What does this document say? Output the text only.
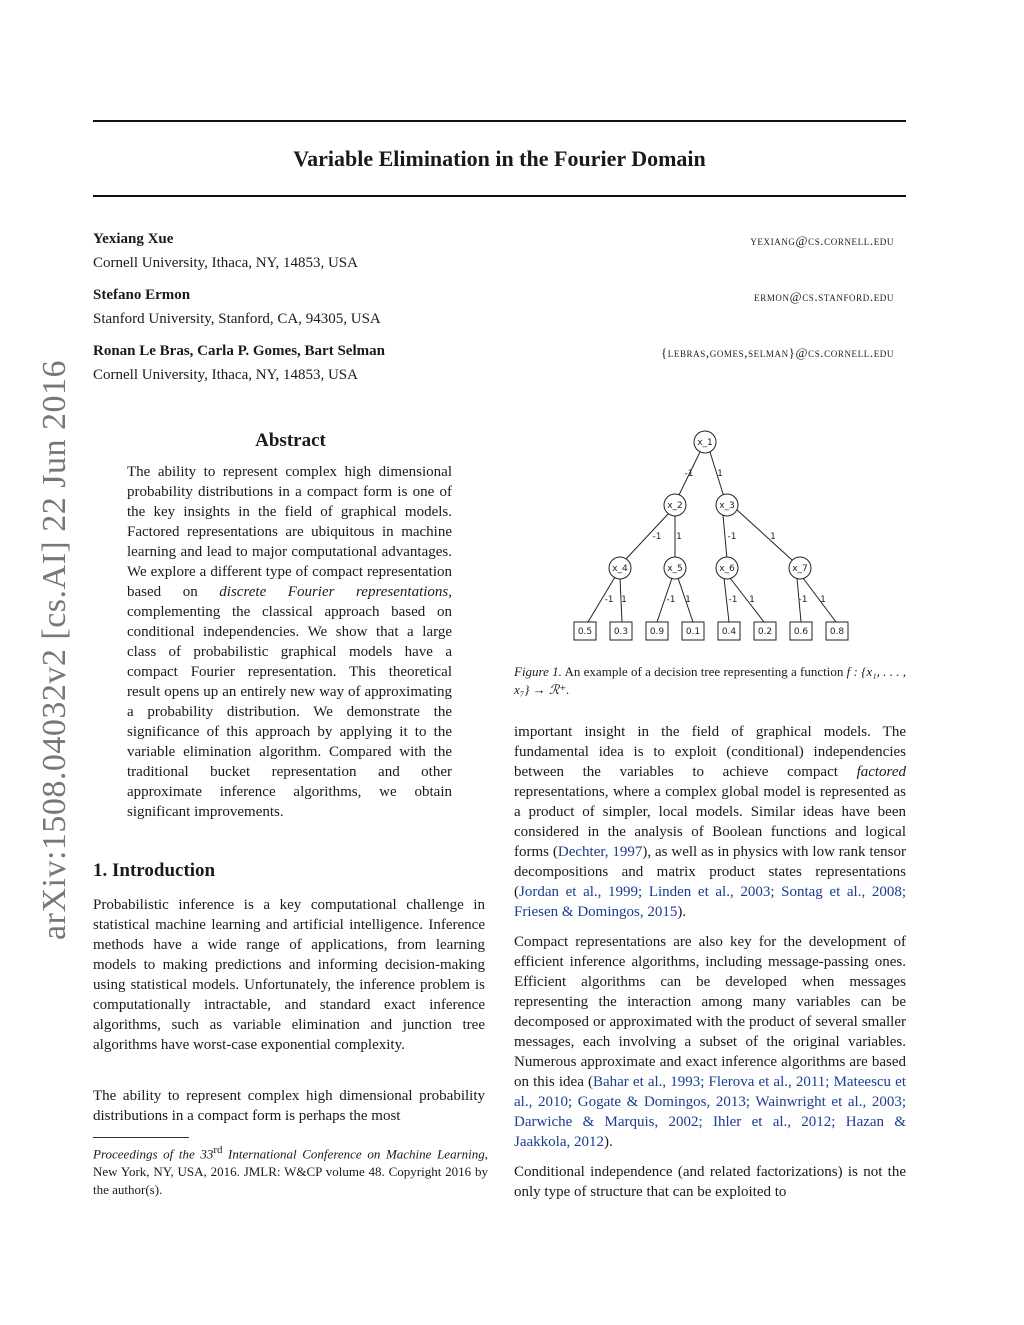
arXiv:1508.04032v2 [cs.AI] 22 Jun 2016
Variable Elimination in the Fourier Domain
Yexiang Xue	yexiang@cs.cornell.edu
Cornell University, Ithaca, NY, 14853, USA
Stefano Ermon	ermon@cs.stanford.edu
Stanford University, Stanford, CA, 94305, USA
Ronan Le Bras, Carla P. Gomes, Bart Selman	{lebras,gomes,selman}@cs.cornell.edu
Cornell University, Ithaca, NY, 14853, USA
Abstract

The ability to represent complex high dimensional probability distributions in a compact form is one of the key insights in the field of graphical models. Factored representations are ubiquitous in machine learning and lead to major computational advantages. We explore a different type of compact representation based on discrete Fourier representations, complementing the classical approach based on conditional independencies. We show that a large class of probabilistic graphical models have a compact Fourier representation. This theoretical result opens up an entirely new way of approximating a probability distribution. We demonstrate the significance of this approach by applying it to the variable elimination algorithm. Compared with the traditional bucket representation and other approximate inference algorithms, we obtain significant improvements.

1. Introduction

Probabilistic inference is a key computational challenge in statistical machine learning and artificial intelligence. Inference methods have a wide range of applications, from learning models to making predictions and informing decision-making using statistical models. Unfortunately, the inference problem is computationally intractable, and standard exact inference algorithms, such as variable elimination and junction tree algorithms have worst-case exponential complexity.

The ability to represent complex high dimensional probability distributions in a compact form is perhaps the most

Proceedings of the 33rd International Conference on Machine Learning, New York, NY, USA, 2016. JMLR: W&CP volume 48. Copyright 2016 by the author(s).
x_1
x_2	x_3
x_4	x_5	x_6	x_7
-1	1
-1 1	-1	1
-1 1	-1 1	-1 1	-1 1
0.5 0.3 0.9 0.1 0.4 0.2 0.6 0.8
Figure 1. An example of a decision tree representing a function f : {x₁, . . . , x₇} → ℛ⁺.

important insight in the field of graphical models. The fundamental idea is to exploit (conditional) independencies between the variables to achieve compact factored representations, where a complex global model is represented as a product of simpler, local models. Similar ideas have been considered in the analysis of Boolean functions and logical forms (Dechter, 1997), as well as in physics with low rank tensor decompositions and matrix product states representations (Jordan et al., 1999; Linden et al., 2003; Sontag et al., 2008; Friesen & Domingos, 2015).

Compact representations are also key for the development of efficient inference algorithms, including message-passing ones. Efficient algorithms can be developed when messages representing the interaction among many variables can be decomposed or approximated with the product of several smaller messages, each involving a subset of the original variables. Numerous approximate and exact inference algorithms are based on this idea (Bahar et al., 1993; Flerova et al., 2011; Mateescu et al., 2010; Gogate & Domingos, 2013; Wainwright et al., 2003; Darwiche & Marquis, 2002; Ihler et al., 2012; Hazan & Jaakkola, 2012).

Conditional independence (and related factorizations) is not the only type of structure that can be exploited to
